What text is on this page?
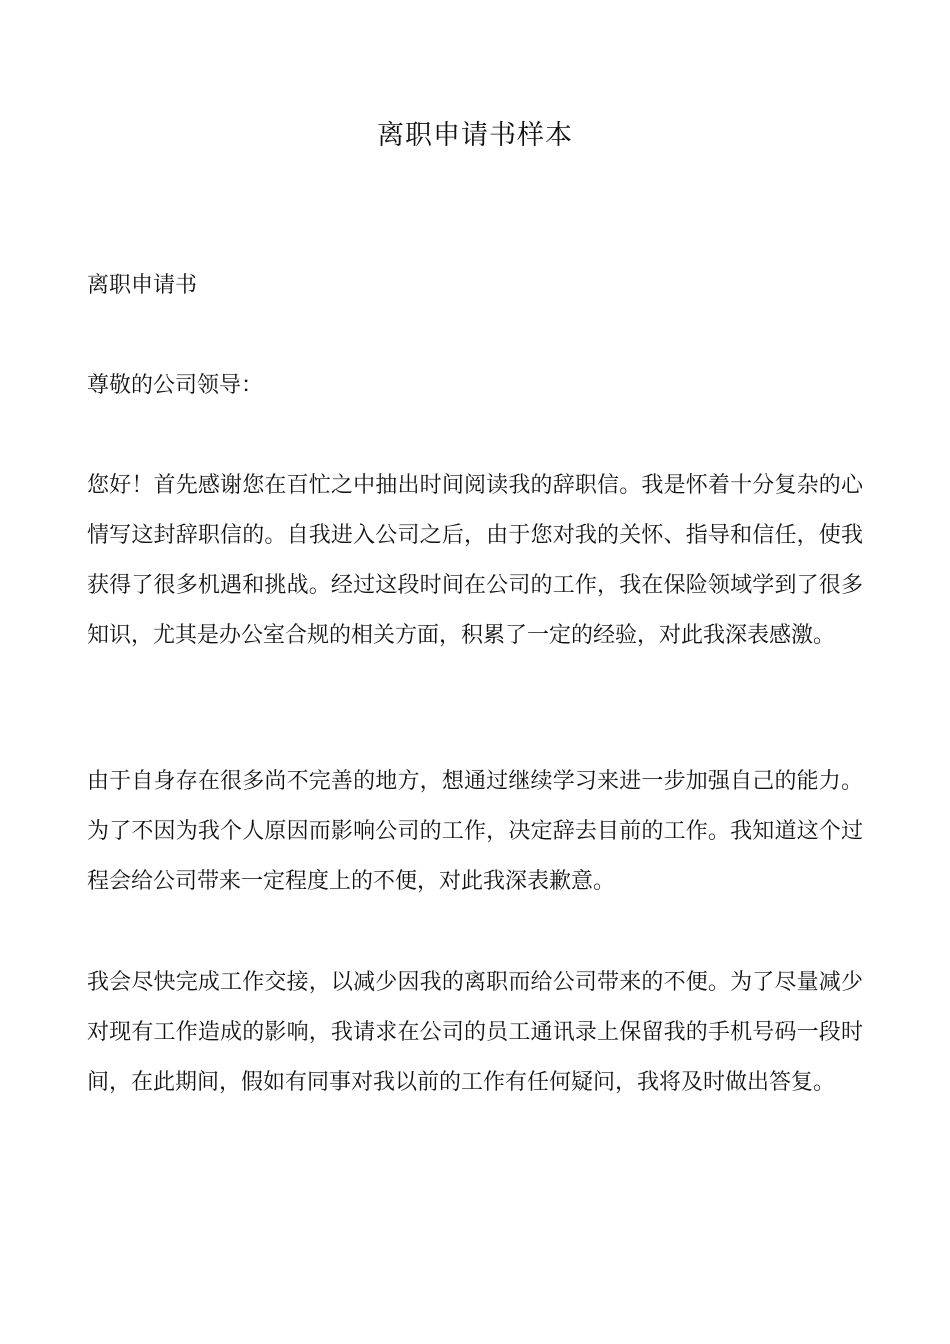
离职申请书样本
离职申请书
尊敬的公司领导：
您好！首先感谢您在百忙之中抽出时间阅读我的辞职信。我是怀着十分复杂的心情写这封辞职信的。自我进入公司之后，由于您对我的关怀、指导和信任，使我获得了很多机遇和挑战。经过这段时间在公司的工作，我在保险领域学到了很多知识，尤其是办公室合规的相关方面，积累了一定的经验，对此我深表感激。
由于自身存在很多尚不完善的地方，想通过继续学习来进一步加强自己的能力。为了不因为我个人原因而影响公司的工作，决定辞去目前的工作。我知道这个过程会给公司带来一定程度上的不便，对此我深表歉意。
我会尽快完成工作交接，以减少因我的离职而给公司带来的不便。为了尽量减少对现有工作造成的影响，我请求在公司的员工通讯录上保留我的手机号码一段时间，在此期间，假如有同事对我以前的工作有任何疑问，我将及时做出答复。
